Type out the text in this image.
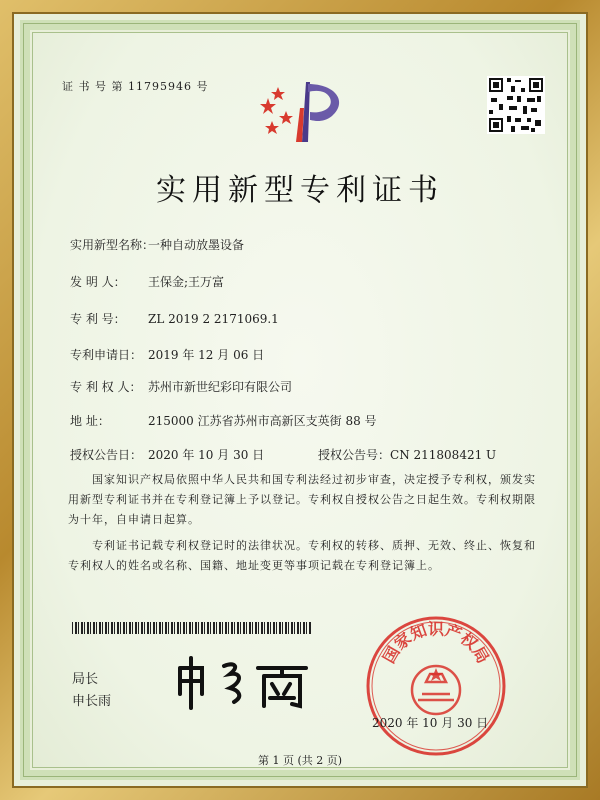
证 书 号 第 11795946 号
实用新型专利证书
实用新型名称：一种自动放墨设备
发 明 人： 王保金;王万富
专 利 号： ZL 2019 2 2171069.1
专利申请日： 2019 年 12 月 06 日
专 利 权 人： 苏州市新世纪彩印有限公司
地 址：	215000 江苏省苏州市高新区支英街 88 号
授权公告日： 2020 年 10 月 30 日	授权公告号：CN 211808421 U
国家知识产权局依照中华人民共和国专利法经过初步审查，决定授予专利权，颁发实用新型专利证书并在专利登记簿上予以登记。专利权自授权公告之日起生效。专利权期限为十年，自申请日起算。
专利证书记载专利权登记时的法律状况。专利权的转移、质押、无效、终止、恢复和专利权人的姓名或名称、国籍、地址变更等事项记载在专利登记簿上。
局长
申长雨
国家知识产权局
2020 年 10 月 30 日
第 1 页 (共 2 页)
